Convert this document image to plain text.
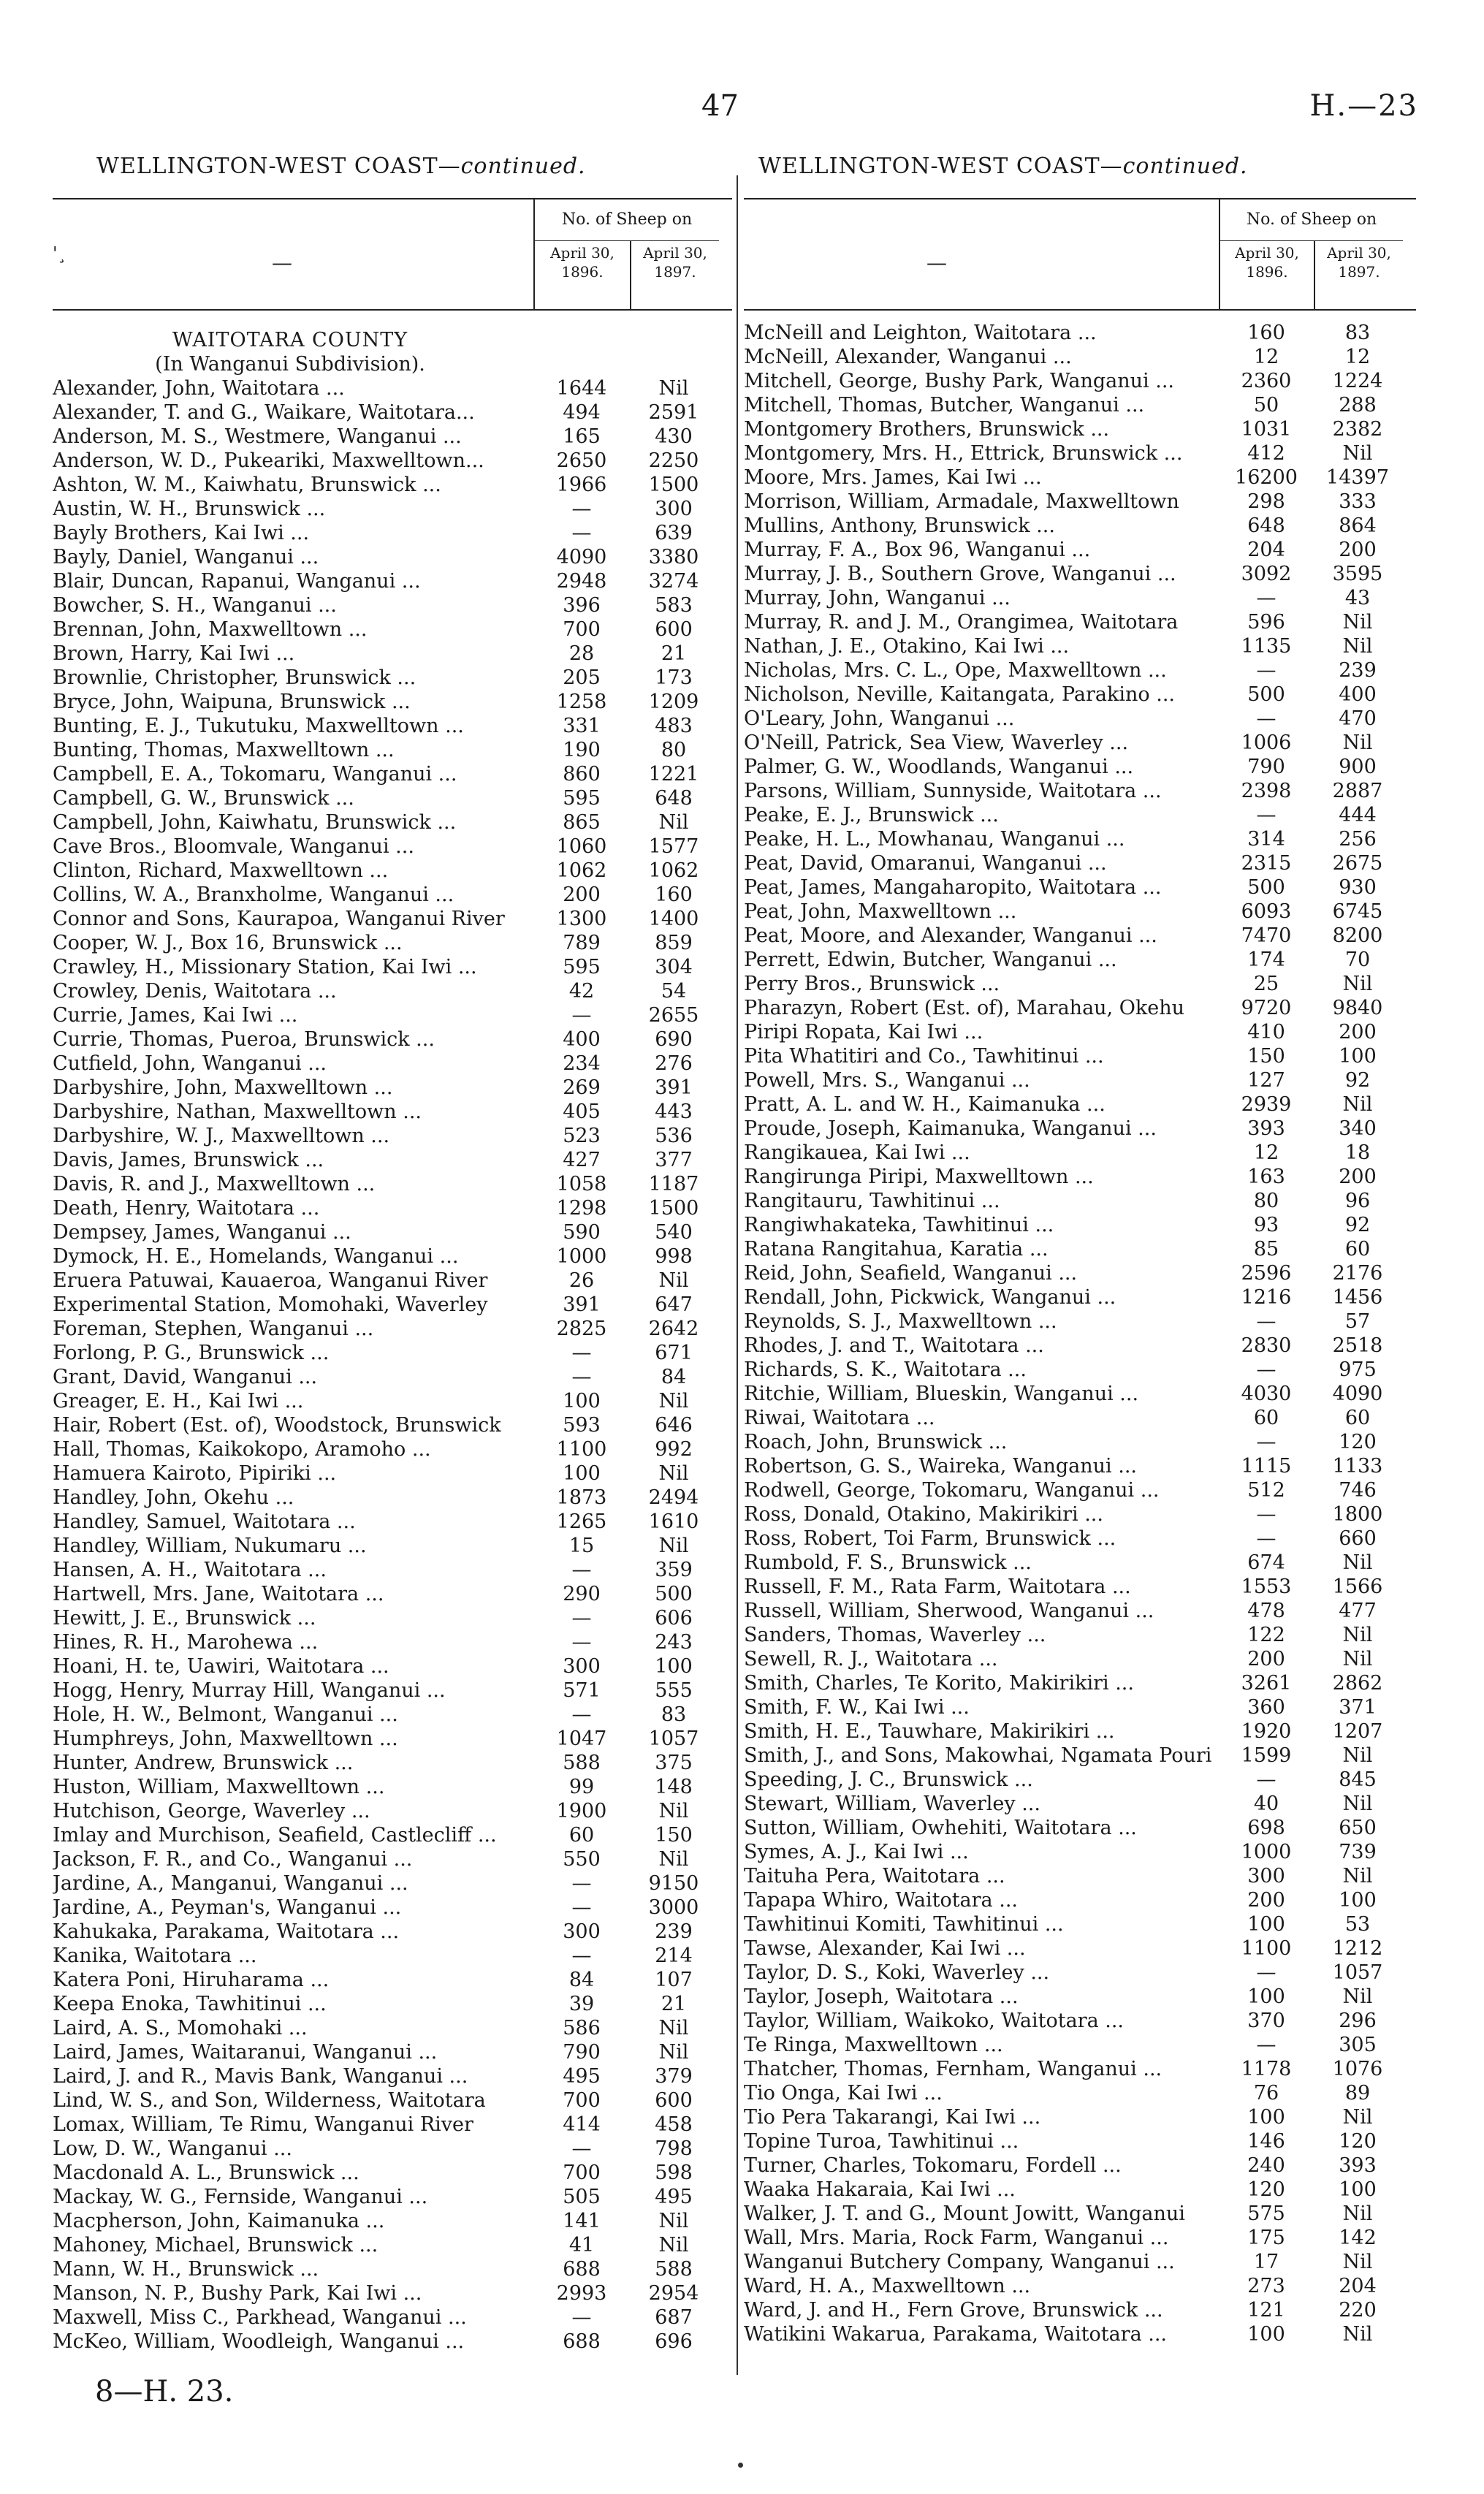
47	H.—23
WELLINGTON-WEST COAST—continued.
'¸	—
No. of Sheep on
April 30,
1896.
April 30,
1897.
WAITOTARA COUNTY
(In Wanganui Subdivision).
Alexander, John, Waitotara ...	1644	Nil
Alexander, T. and G., Waikare, Waitotara...	494	2591
Anderson, M. S., Westmere, Wanganui ...	165	430
Anderson, W. D., Pukeariki, Maxwelltown...	2650	2250
Ashton, W. M., Kaiwhatu, Brunswick ...	1966	1500
Austin, W. H., Brunswick ...	—	300
Bayly Brothers, Kai Iwi ...	—	639
Bayly, Daniel, Wanganui ...	4090	3380
Blair, Duncan, Rapanui, Wanganui ...	2948	3274
Bowcher, S. H., Wanganui ...	396	583
Brennan, John, Maxwelltown ...	700	600
Brown, Harry, Kai Iwi ...	28	21
Brownlie, Christopher, Brunswick ...	205	173
Bryce, John, Waipuna, Brunswick ...	1258	1209
Bunting, E. J., Tukutuku, Maxwelltown ...	331	483
Bunting, Thomas, Maxwelltown ...	190	80
Campbell, E. A., Tokomaru, Wanganui ...	860	1221
Campbell, G. W., Brunswick ...	595	648
Campbell, John, Kaiwhatu, Brunswick ...	865	Nil
Cave Bros., Bloomvale, Wanganui ...	1060	1577
Clinton, Richard, Maxwelltown ...	1062	1062
Collins, W. A., Branxholme, Wanganui ...	200	160
Connor and Sons, Kaurapoa, Wanganui River	1300	1400
Cooper, W. J., Box 16, Brunswick ...	789	859
Crawley, H., Missionary Station, Kai Iwi ...	595	304
Crowley, Denis, Waitotara ...	42	54
Currie, James, Kai Iwi ...	—	2655
Currie, Thomas, Pueroa, Brunswick ...	400	690
Cutfield, John, Wanganui ...	234	276
Darbyshire, John, Maxwelltown ...	269	391
Darbyshire, Nathan, Maxwelltown ...	405	443
Darbyshire, W. J., Maxwelltown ...	523	536
Davis, James, Brunswick ...	427	377
Davis, R. and J., Maxwelltown ...	1058	1187
Death, Henry, Waitotara ...	1298	1500
Dempsey, James, Wanganui ...	590	540
Dymock, H. E., Homelands, Wanganui ...	1000	998
Eruera Patuwai, Kauaeroa, Wanganui River	26	Nil
Experimental Station, Momohaki, Waverley	391	647
Foreman, Stephen, Wanganui ...	2825	2642
Forlong, P. G., Brunswick ...	—	671
Grant, David, Wanganui ...	—	84
Greager, E. H., Kai Iwi ...	100	Nil
Hair, Robert (Est. of), Woodstock, Brunswick	593	646
Hall, Thomas, Kaikokopo, Aramoho ...	1100	992
Hamuera Kairoto, Pipiriki ...	100	Nil
Handley, John, Okehu ...	1873	2494
Handley, Samuel, Waitotara ...	1265	1610
Handley, William, Nukumaru ...	15	Nil
Hansen, A. H., Waitotara ...	—	359
Hartwell, Mrs. Jane, Waitotara ...	290	500
Hewitt, J. E., Brunswick ...	—	606
Hines, R. H., Marohewa ...	—	243
Hoani, H. te, Uawiri, Waitotara ...	300	100
Hogg, Henry, Murray Hill, Wanganui ...	571	555
Hole, H. W., Belmont, Wanganui ...	—	83
Humphreys, John, Maxwelltown ...	1047	1057
Hunter, Andrew, Brunswick ...	588	375
Huston, William, Maxwelltown ...	99	148
Hutchison, George, Waverley ...	1900	Nil
Imlay and Murchison, Seafield, Castlecliff ...	60	150
Jackson, F. R., and Co., Wanganui ...	550	Nil
Jardine, A., Manganui, Wanganui ...	—	9150
Jardine, A., Peyman's, Wanganui ...	—	3000
Kahukaka, Parakama, Waitotara ...	300	239
Kanika, Waitotara ...	—	214
Katera Poni, Hiruharama ...	84	107
Keepa Enoka, Tawhitinui ...	39	21
Laird, A. S., Momohaki ...	586	Nil
Laird, James, Waitaranui, Wanganui ...	790	Nil
Laird, J. and R., Mavis Bank, Wanganui ...	495	379
Lind, W. S., and Son, Wilderness, Waitotara	700	600
Lomax, William, Te Rimu, Wanganui River	414	458
Low, D. W., Wanganui ...	—	798
Macdonald A. L., Brunswick ...	700	598
Mackay, W. G., Fernside, Wanganui ...	505	495
Macpherson, John, Kaimanuka ...	141	Nil
Mahoney, Michael, Brunswick ...	41	Nil
Mann, W. H., Brunswick ...	688	588
Manson, N. P., Bushy Park, Kai Iwi ...	2993	2954
Maxwell, Miss C., Parkhead, Wanganui ...	—	687
McKeo, William, Woodleigh, Wanganui ...	688	696
WELLINGTON-WEST COAST—continued.
—
No. of Sheep on
April 30,
1896.
April 30,
1897.
McNeill and Leighton, Waitotara ...	160	83
McNeill, Alexander, Wanganui ...	12	12
Mitchell, George, Bushy Park, Wanganui ...	2360	1224
Mitchell, Thomas, Butcher, Wanganui ...	50	288
Montgomery Brothers, Brunswick ...	1031	2382
Montgomery, Mrs. H., Ettrick, Brunswick ...	412	Nil
Moore, Mrs. James, Kai Iwi ...	16200	14397
Morrison, William, Armadale, Maxwelltown	298	333
Mullins, Anthony, Brunswick ...	648	864
Murray, F. A., Box 96, Wanganui ...	204	200
Murray, J. B., Southern Grove, Wanganui ...	3092	3595
Murray, John, Wanganui ...	—	43
Murray, R. and J. M., Orangimea, Waitotara	596	Nil
Nathan, J. E., Otakino, Kai Iwi ...	1135	Nil
Nicholas, Mrs. C. L., Ope, Maxwelltown ...	—	239
Nicholson, Neville, Kaitangata, Parakino ...	500	400
O'Leary, John, Wanganui ...	—	470
O'Neill, Patrick, Sea View, Waverley ...	1006	Nil
Palmer, G. W., Woodlands, Wanganui ...	790	900
Parsons, William, Sunnyside, Waitotara ...	2398	2887
Peake, E. J., Brunswick ...	—	444
Peake, H. L., Mowhanau, Wanganui ...	314	256
Peat, David, Omaranui, Wanganui ...	2315	2675
Peat, James, Mangaharopito, Waitotara ...	500	930
Peat, John, Maxwelltown ...	6093	6745
Peat, Moore, and Alexander, Wanganui ...	7470	8200
Perrett, Edwin, Butcher, Wanganui ...	174	70
Perry Bros., Brunswick ...	25	Nil
Pharazyn, Robert (Est. of), Marahau, Okehu	9720	9840
Piripi Ropata, Kai Iwi ...	410	200
Pita Whatitiri and Co., Tawhitinui ...	150	100
Powell, Mrs. S., Wanganui ...	127	92
Pratt, A. L. and W. H., Kaimanuka ...	2939	Nil
Proude, Joseph, Kaimanuka, Wanganui ...	393	340
Rangikauea, Kai Iwi ...	12	18
Rangirunga Piripi, Maxwelltown ...	163	200
Rangitauru, Tawhitinui ...	80	96
Rangiwhakateka, Tawhitinui ...	93	92
Ratana Rangitahua, Karatia ...	85	60
Reid, John, Seafield, Wanganui ...	2596	2176
Rendall, John, Pickwick, Wanganui ...	1216	1456
Reynolds, S. J., Maxwelltown ...	—	57
Rhodes, J. and T., Waitotara ...	2830	2518
Richards, S. K., Waitotara ...	—	975
Ritchie, William, Blueskin, Wanganui ...	4030	4090
Riwai, Waitotara ...	60	60
Roach, John, Brunswick ...	—	120
Robertson, G. S., Waireka, Wanganui ...	1115	1133
Rodwell, George, Tokomaru, Wanganui ...	512	746
Ross, Donald, Otakino, Makirikiri ...	—	1800
Ross, Robert, Toi Farm, Brunswick ...	—	660
Rumbold, F. S., Brunswick ...	674	Nil
Russell, F. M., Rata Farm, Waitotara ...	1553	1566
Russell, William, Sherwood, Wanganui ...	478	477
Sanders, Thomas, Waverley ...	122	Nil
Sewell, R. J., Waitotara ...	200	Nil
Smith, Charles, Te Korito, Makirikiri ...	3261	2862
Smith, F. W., Kai Iwi ...	360	371
Smith, H. E., Tauwhare, Makirikiri ...	1920	1207
Smith, J., and Sons, Makowhai, Ngamata Pouri	1599	Nil
Speeding, J. C., Brunswick ...	—	845
Stewart, William, Waverley ...	40	Nil
Sutton, William, Owhehiti, Waitotara ...	698	650
Symes, A. J., Kai Iwi ...	1000	739
Taituha Pera, Waitotara ...	300	Nil
Tapapa Whiro, Waitotara ...	200	100
Tawhitinui Komiti, Tawhitinui ...	100	53
Tawse, Alexander, Kai Iwi ...	1100	1212
Taylor, D. S., Koki, Waverley ...	—	1057
Taylor, Joseph, Waitotara ...	100	Nil
Taylor, William, Waikoko, Waitotara ...	370	296
Te Ringa, Maxwelltown ...	—	305
Thatcher, Thomas, Fernham, Wanganui ...	1178	1076
Tio Onga, Kai Iwi ...	76	89
Tio Pera Takarangi, Kai Iwi ...	100	Nil
Topine Turoa, Tawhitinui ...	146	120
Turner, Charles, Tokomaru, Fordell ...	240	393
Waaka Hakaraia, Kai Iwi ...	120	100
Walker, J. T. and G., Mount Jowitt, Wanganui	575	Nil
Wall, Mrs. Maria, Rock Farm, Wanganui ...	175	142
Wanganui Butchery Company, Wanganui ...	17	Nil
Ward, H. A., Maxwelltown ...	273	204
Ward, J. and H., Fern Grove, Brunswick ...	121	220
Watikini Wakarua, Parakama, Waitotara ...	100	Nil
8—H. 23.
